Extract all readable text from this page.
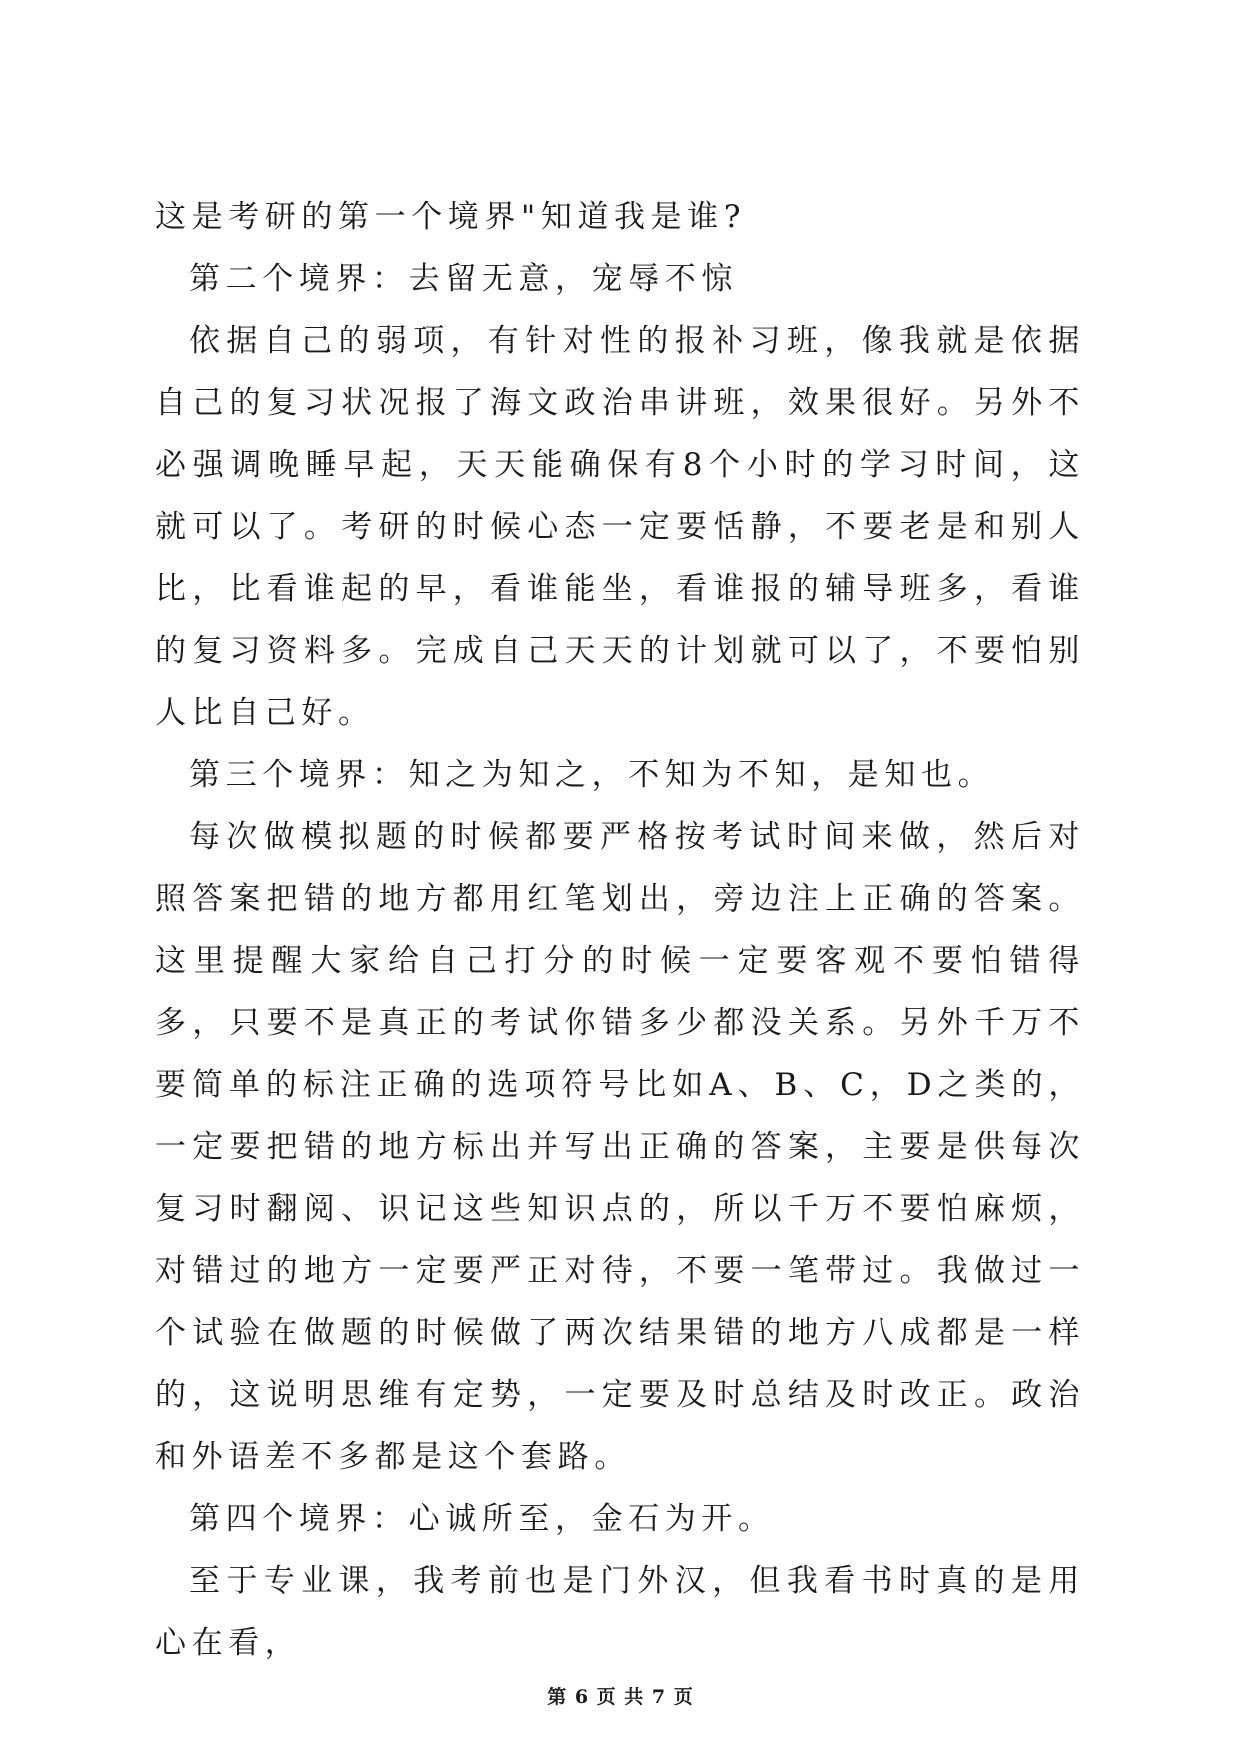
这是考研的第一个境界"知道我是谁?

第二个境界：去留无意，宠辱不惊

依据自己的弱项，有针对性的报补习班，像我就是依据自己的复习状况报了海文政治串讲班，效果很好。另外不必强调晚睡早起，天天能确保有8个小时的学习时间，这就可以了。考研的时候心态一定要恬静，不要老是和别人比，比看谁起的早，看谁能坐，看谁报的辅导班多，看谁的复习资料多。完成自己天天的计划就可以了，不要怕别人比自己好。

第三个境界：知之为知之，不知为不知，是知也。

每次做模拟题的时候都要严格按考试时间来做，然后对照答案把错的地方都用红笔划出，旁边注上正确的答案。这里提醒大家给自己打分的时候一定要客观不要怕错得多，只要不是真正的考试你错多少都没关系。另外千万不要简单的标注正确的选项符号比如A、B、C，D之类的，一定要把错的地方标出并写出正确的答案，主要是供每次复习时翻阅、识记这些知识点的，所以千万不要怕麻烦，对错过的地方一定要严正对待，不要一笔带过。我做过一个试验在做题的时候做了两次结果错的地方八成都是一样的，这说明思维有定势，一定要及时总结及时改正。政治和外语差不多都是这个套路。

第四个境界：心诚所至，金石为开。

至于专业课，我考前也是门外汉，但我看书时真的是用心在看，

第 6 页 共 7 页
